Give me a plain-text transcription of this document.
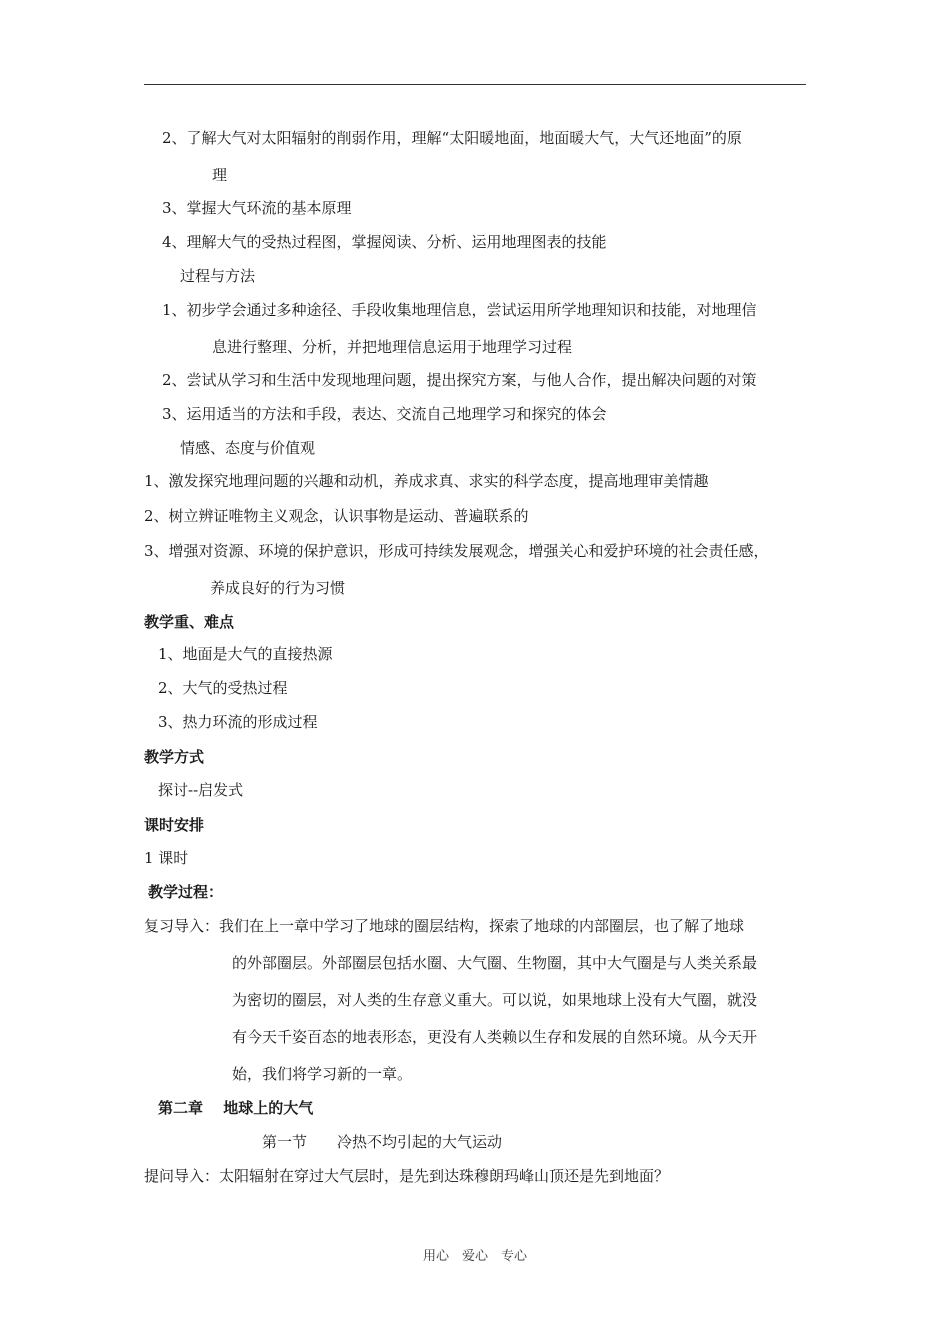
2、了解大气对太阳辐射的削弱作用，理解“太阳暖地面，地面暖大气，大气还地面”的原
理
3、掌握大气环流的基本原理
4、理解大气的受热过程图，掌握阅读、分析、运用地理图表的技能
过程与方法
1、初步学会通过多种途径、手段收集地理信息，尝试运用所学地理知识和技能，对地理信
息进行整理、分析，并把地理信息运用于地理学习过程
2、尝试从学习和生活中发现地理问题，提出探究方案，与他人合作，提出解决问题的对策
3、运用适当的方法和手段，表达、交流自己地理学习和探究的体会
情感、态度与价值观
1、激发探究地理问题的兴趣和动机，养成求真、求实的科学态度，提高地理审美情趣
2、树立辨证唯物主义观念，认识事物是运动、普遍联系的
3、增强对资源、环境的保护意识，形成可持续发展观念，增强关心和爱护环境的社会责任感，
养成良好的行为习惯
教学重、难点
1、地面是大气的直接热源
2、大气的受热过程
3、热力环流的形成过程
教学方式
探讨--启发式
课时安排
1 课时
教学过程：
复习导入：我们在上一章中学习了地球的圈层结构，探索了地球的内部圈层，也了解了地球
的外部圈层。外部圈层包括水圈、大气圈、生物圈，其中大气圈是与人类关系最
为密切的圈层，对人类的生存意义重大。可以说，如果地球上没有大气圈，就没
有今天千姿百态的地表形态，更没有人类赖以生存和发展的自然环境。从今天开
始，我们将学习新的一章。
第二章　 地球上的大气
第一节　　冷热不均引起的大气运动
提问导入：太阳辐射在穿过大气层时，是先到达珠穆朗玛峰山顶还是先到地面？
用心　爱心　专心
